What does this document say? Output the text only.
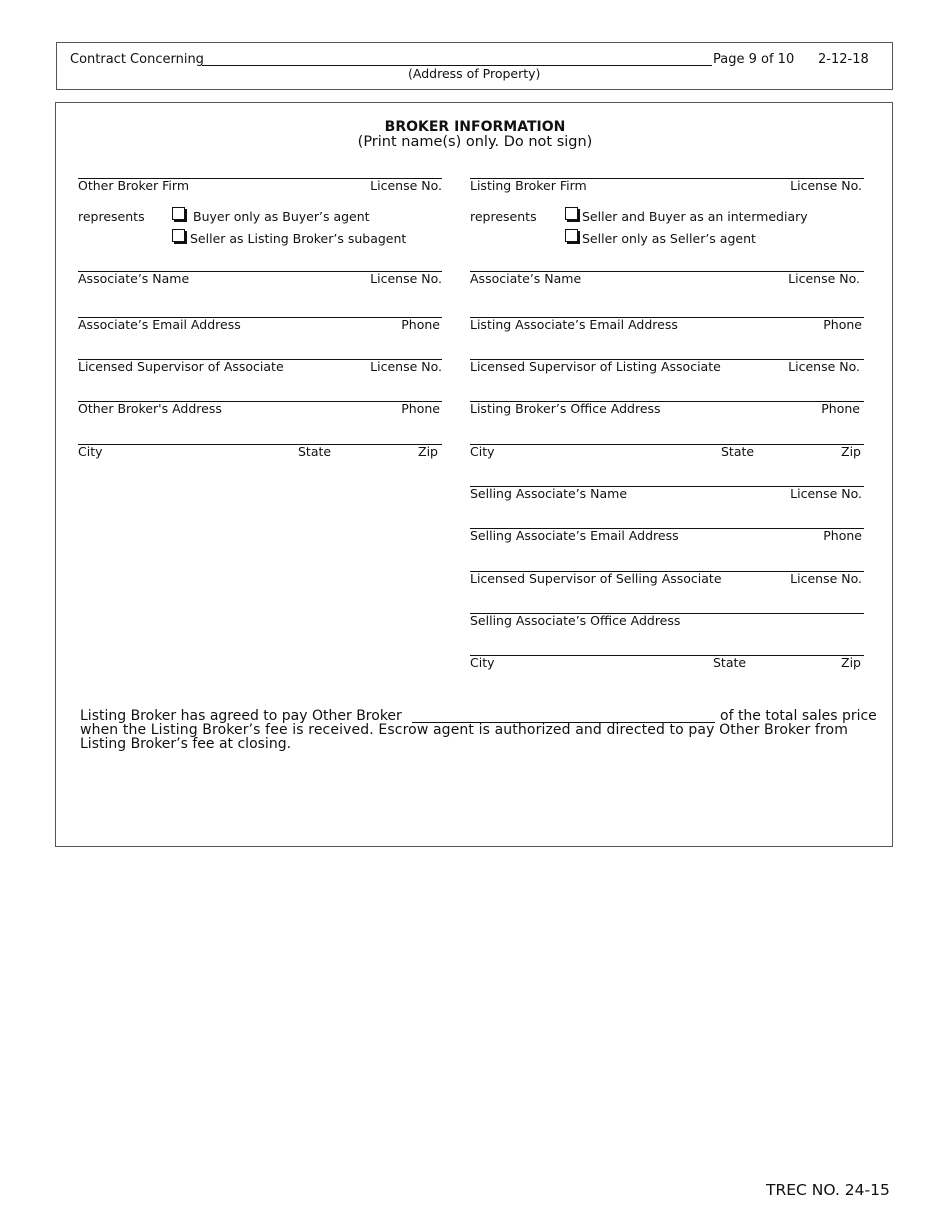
Contract Concerning
(Address of Property)
Page 9 of 10 2-12-18
BROKER INFORMATION
(Print name(s) only. Do not sign)
Other Broker Firm	License No.
represents	Buyer only as Buyer’s agent
Seller as Listing Broker’s subagent
Associate’s Name	License No.
Associate’s Email Address	Phone
Licensed Supervisor of Associate	License No.
Other Broker's Address	Phone
City	State	Zip
Listing Broker Firm	License No.
represents	Seller and Buyer as an intermediary
Seller only as Seller’s agent
Associate’s Name	License No.
Listing Associate’s Email Address	Phone
Licensed Supervisor of Listing Associate	License No.
Listing Broker’s Office Address	Phone
City	State	Zip
Selling Associate’s Name	License No.
Selling Associate’s Email Address	Phone
Licensed Supervisor of Selling Associate	License No.
Selling Associate’s Office Address
City	State	Zip
Listing Broker has agreed to pay Other Broker	of the total sales price
when the Listing Broker’s fee is received. Escrow agent is authorized and directed to pay Other Broker from
Listing Broker’s fee at closing.
TREC NO. 24-15
